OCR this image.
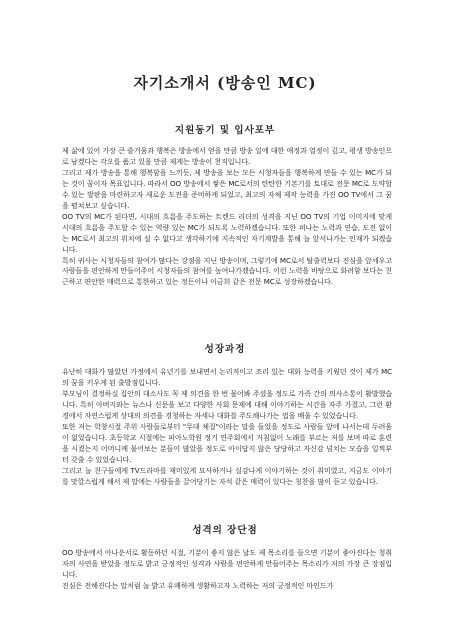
자기소개서 (방송인 MC)
지원동기 및 입사포부

제 삶에 있어 가장 큰 즐거움과 행복은 방송에서 얻을 만큼 방송 일에 대한 애정과 열정이 깊고, 평생 방송인으로 남겠다는 각오를 품고 있을 만큼 제게는 방송이 천직입니다.

그리고 제가 방송을 통해 행복함을 느끼듯, 제 방송을 보는 모든 시청자들을 행복하게 만들 수 있는 MC가 되는 것이 꿈이자 목표입니다. 따라서 OO 방송에서 쌓은 MC로서의 탄탄한 기본기를 토대로 전문 MC로 도약할 수 있는 발판을 마련하고자 새로운 도전을 준비하게 되었고, 최고의 자체 제작 능력을 가진 OO TV에서 그 꿈을 펼쳐보고 싶습니다.

OO TV의 MC가 된다면, 시대의 흐름을 주도하는 트렌드 리더의 성격을 지닌 OO TV의 기업 이미지에 맞게 시대의 흐름을 주도할 수 있는 역량 있는 MC가 되도록 노력하겠습니다. 또한 퍼나는 노력과 연습, 도전 없이는 MC로서 최고의 위치에 설 수 없다고 생각하기에 지속적인 자기계발을 통해 늘 앞서나가는 인재가 되겠습니다.

특히 귀사는 시청자들의 참여가 많다는 강점을 지닌 방송이며, 그렇기에 MC로서 탈출력보다 진심을 앞세우고 사람들을 편안하게 만들어주어 시청자들의 참여를 높여나가겠습니다. 이런 노력을 바탕으로 화려함 보다는 친근하고 편안한 매력으로 통한하고 있는 정든이나 이금희 같은 전문 MC로 성장하겠습니다.

성장과정

유난히 대화가 많았던 가정에서 유년기를 보내면서 논리적이고 조리 있는 대화 능력을 키웠던 것이 제가 MC의 꿈을 키우게 된 출발점입니다.

부모님이 결정하실 집안의 대소사도 꼭 제 의견을 한 번 물어봐 주셨을 정도로 가족 간의 의사소통이 활발했습니다. 특히 아버지와는 뉴스나 신문을 보고 다양한 사회 문제에 대해 이야기하는 시간을 자주 가졌고, 그런 환경에서 자연스럽게 상대의 의견을 경청하는 자세나 대화를 주도해나가는 법을 배울 수 있었습니다.

또한 저는 학창시절 주위 사람들로부터 "무대 체질"이라는 말을 들었을 정도로 사람들 앞에 나서는데 두려움이 없었습니다. 초등학교 시절에는 피아노학원 정기 연주회에서 거침없이 노래를 부르는 저를 보며 따로 훈련을 시켰는지 어머니께 물어보는 분들이 많았을 정도로 아이답지 않은 당당하고 자신감 넘치는 모습을 일찍부터 갖출 수 있었습니다.

그리고 늘 친구들에게 TV드라마를 재미있게 묘사하거나 실감나게 이야기하는 것이 취미였고, 지금도 이야기를 맛깔스럽게 해서 제 말에는 사람들을 끌어당기는 자석 같은 매력이 있다는 칭찬을 많이 듣고 있습니다.

성격의 장단점

OO 방송에서 아나운서로 활동하던 시절, 기분이 좋지 않은 날도 제 목소리를 들으면 기분이 좋아진다는 청취자의 사연을 받았을 정도로 밝고 긍정적인 성격과 사람을 편안하게 만들어주는 목소리가 저의 가장 큰 장점입니다.

진심은 전해진다는 말처럼 늘 밝고 유쾌하게 생활하고자 노력하는 저의 긍정적인 마인드가
